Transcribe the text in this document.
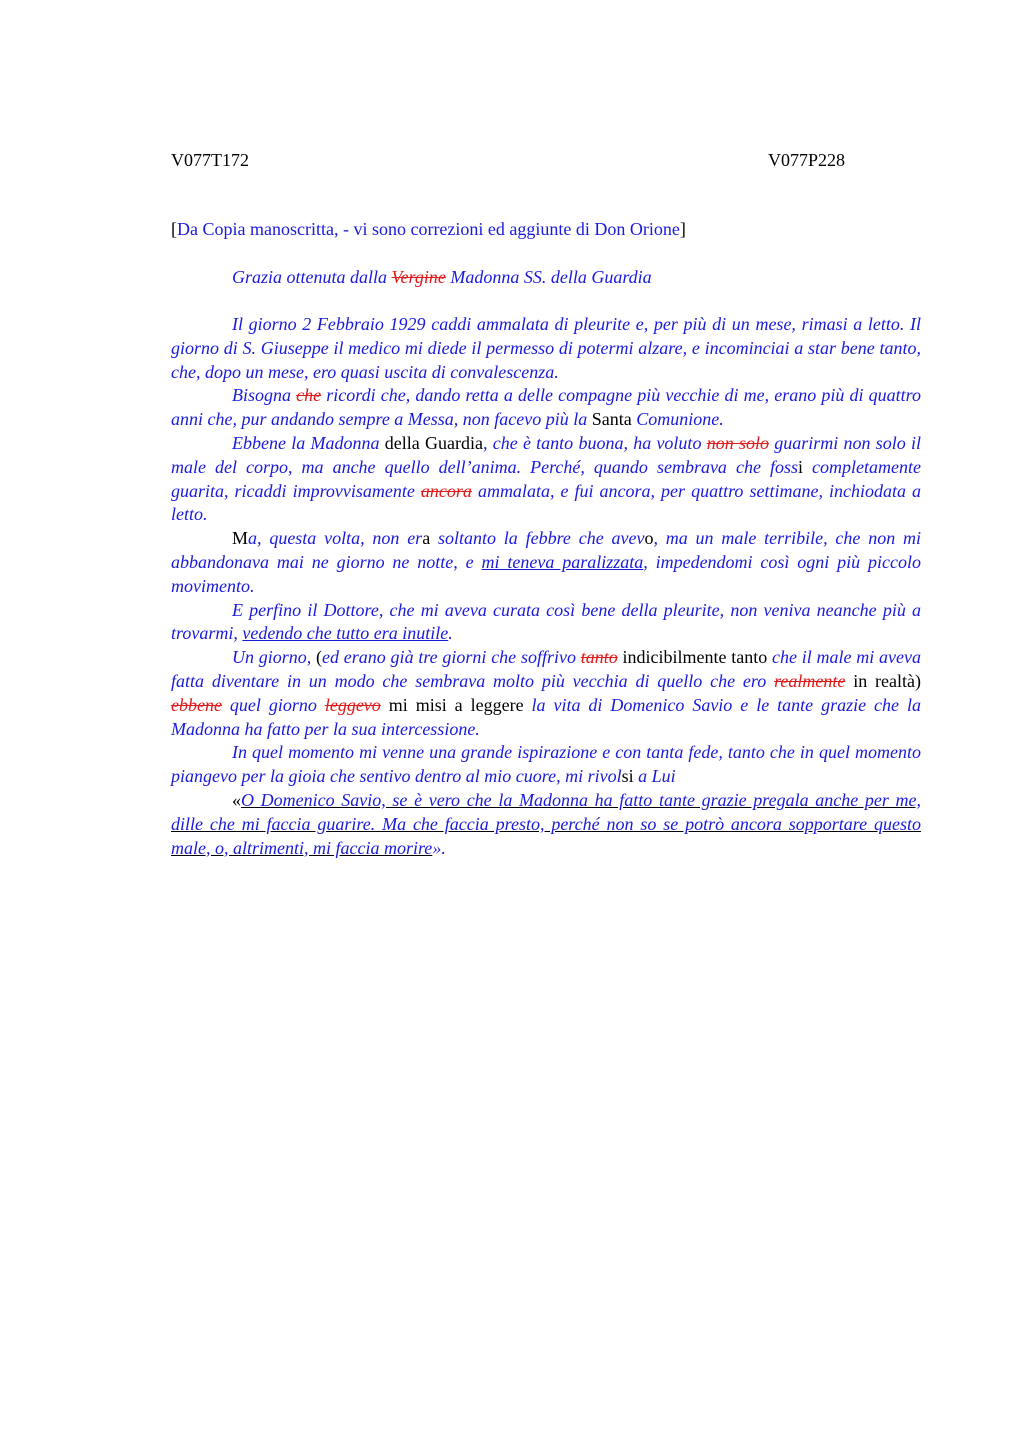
V077T172	V077P228
[Da Copia manoscritta, - vi sono correzioni ed aggiunte di Don Orione]

Grazia ottenuta dalla Vergine Madonna SS. della Guardia

Il giorno 2 Febbraio 1929 caddi ammalata di pleurite e, per più di un mese, rimasi a letto. Il giorno di S. Giuseppe il medico mi diede il permesso di potermi alzare, e incominciai a star bene tanto, che, dopo un mese, ero quasi uscita di convalescenza.

Bisogna che ricordi che, dando retta a delle compagne più vecchie di me, erano più di quattro anni che, pur andando sempre a Messa, non facevo più la Santa Comunione.

Ebbene la Madonna della Guardia, che è tanto buona, ha voluto non solo guarirmi non solo il male del corpo, ma anche quello dell’anima. Perché, quando sembrava che fossi completamente guarita, ricaddi improvvisamente ancora ammalata, e fui ancora, per quattro settimane, inchiodata a letto.

Ma, questa volta, non era soltanto la febbre che avevo, ma un male terribile, che non mi abbandonava mai ne giorno ne notte, e mi teneva paralizzata, impedendomi così ogni più piccolo movimento.

E perfino il Dottore, che mi aveva curata così bene della pleurite, non veniva neanche più a trovarmi, vedendo che tutto era inutile.

Un giorno, (ed erano già tre giorni che soffrivo tanto indicibilmente tanto che il male mi aveva fatta diventare in un modo che sembrava molto più vecchia di quello che ero realmente in realtà) ebbene quel giorno leggevo mi misi a leggere la vita di Domenico Savio e le tante grazie che la Madonna ha fatto per la sua intercessione.

In quel momento mi venne una grande ispirazione e con tanta fede, tanto che in quel momento piangevo per la gioia che sentivo dentro al mio cuore, mi rivolsi a Lui

«O Domenico Savio, se è vero che la Madonna ha fatto tante grazie pregala anche per me, dille che mi faccia guarire. Ma che faccia presto, perché non so se potrò ancora sopportare questo male, o, altrimenti, mi faccia morire».
